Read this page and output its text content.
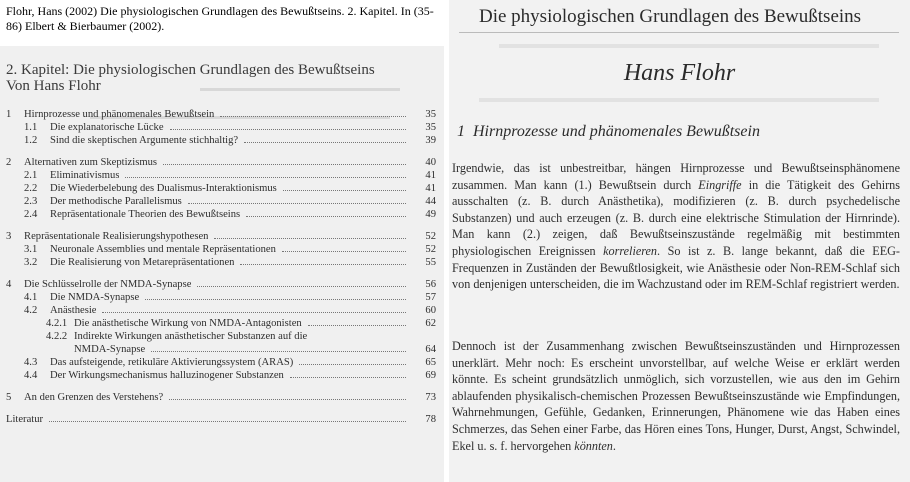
Flohr, Hans (2002) Die physiologischen Grundlagen des Bewußtseins. 2. Kapitel. In (35-86) Elbert & Bierbaumer (2002).
2. Kapitel: Die physiologischen Grundlagen des Bewußtseins
Von Hans Flohr
1	Hirnprozesse und phänomenales Bewußtsein	35
1.1	Die explanatorische Lücke	35
1.2	Sind die skeptischen Argumente stichhaltig?	39
2	Alternativen zum Skeptizismus	40
2.1	Eliminativismus	41
2.2	Die Wiederbelebung des Dualismus-Interaktionismus	41
2.3	Der methodische Parallelismus	44
2.4	Repräsentationale Theorien des Bewußtseins	49
3	Repräsentationale Realisierungshypothesen	52
3.1	Neuronale Assemblies und mentale Repräsentationen	52
3.2	Die Realisierung von Metarepräsentationen	55
4	Die Schlüsselrolle der NMDA-Synapse	56
4.1	Die NMDA-Synapse	57
4.2	Anästhesie	60
4.2.1 Die anästhetische Wirkung von NMDA-Antagonisten	62
4.2.2 Indirekte Wirkungen anästhetischer Substanzen auf die
NMDA-Synapse	64
4.3	Das aufsteigende, retikuläre Aktivierungssystem (ARAS)	65
4.4	Der Wirkungsmechanismus halluzinogener Substanzen	69
5	An den Grenzen des Verstehens?	73
Literatur	78
Die physiologischen Grundlagen des Bewußtseins
Hans Flohr
1 Hirnprozesse und phänomenales Bewußtsein
Irgendwie, das ist unbestreitbar, hängen Hirnprozesse und Bewußtseinsphänomene zusammen. Man kann (1.) Bewußtsein durch Eingriffe in die Tätigkeit des Gehirns ausschalten (z. B. durch Anästhetika), modifizieren (z. B. durch psychedelische Substanzen) und auch erzeugen (z. B. durch eine elektrische Stimulation der Hirnrinde). Man kann (2.) zeigen, daß Bewußtseinszustände regelmäßig mit bestimmten physiologischen Ereignissen korrelieren. So ist z. B. lange bekannt, daß die EEG-Frequenzen in Zuständen der Bewußtlosigkeit, wie Anästhesie oder Non-REM-Schlaf sich von denjenigen unterscheiden, die im Wachzustand oder im REM-Schlaf registriert werden.
Dennoch ist der Zusammenhang zwischen Bewußtseinszuständen und Hirnprozessen unerklärt. Mehr noch: Es erscheint unvorstellbar, auf welche Weise er erklärt werden könnte. Es scheint grundsätzlich unmöglich, sich vorzustellen, wie aus den im Gehirn ablaufenden physikalisch-chemischen Prozessen Bewußtseinszustände wie Empfindungen, Wahrnehmungen, Gefühle, Gedanken, Erinnerungen, Phänomene wie das Haben eines Schmerzes, das Sehen einer Farbe, das Hören eines Tons, Hunger, Durst, Angst, Schwindel, Ekel u. s. f. hervorgehen könnten.
